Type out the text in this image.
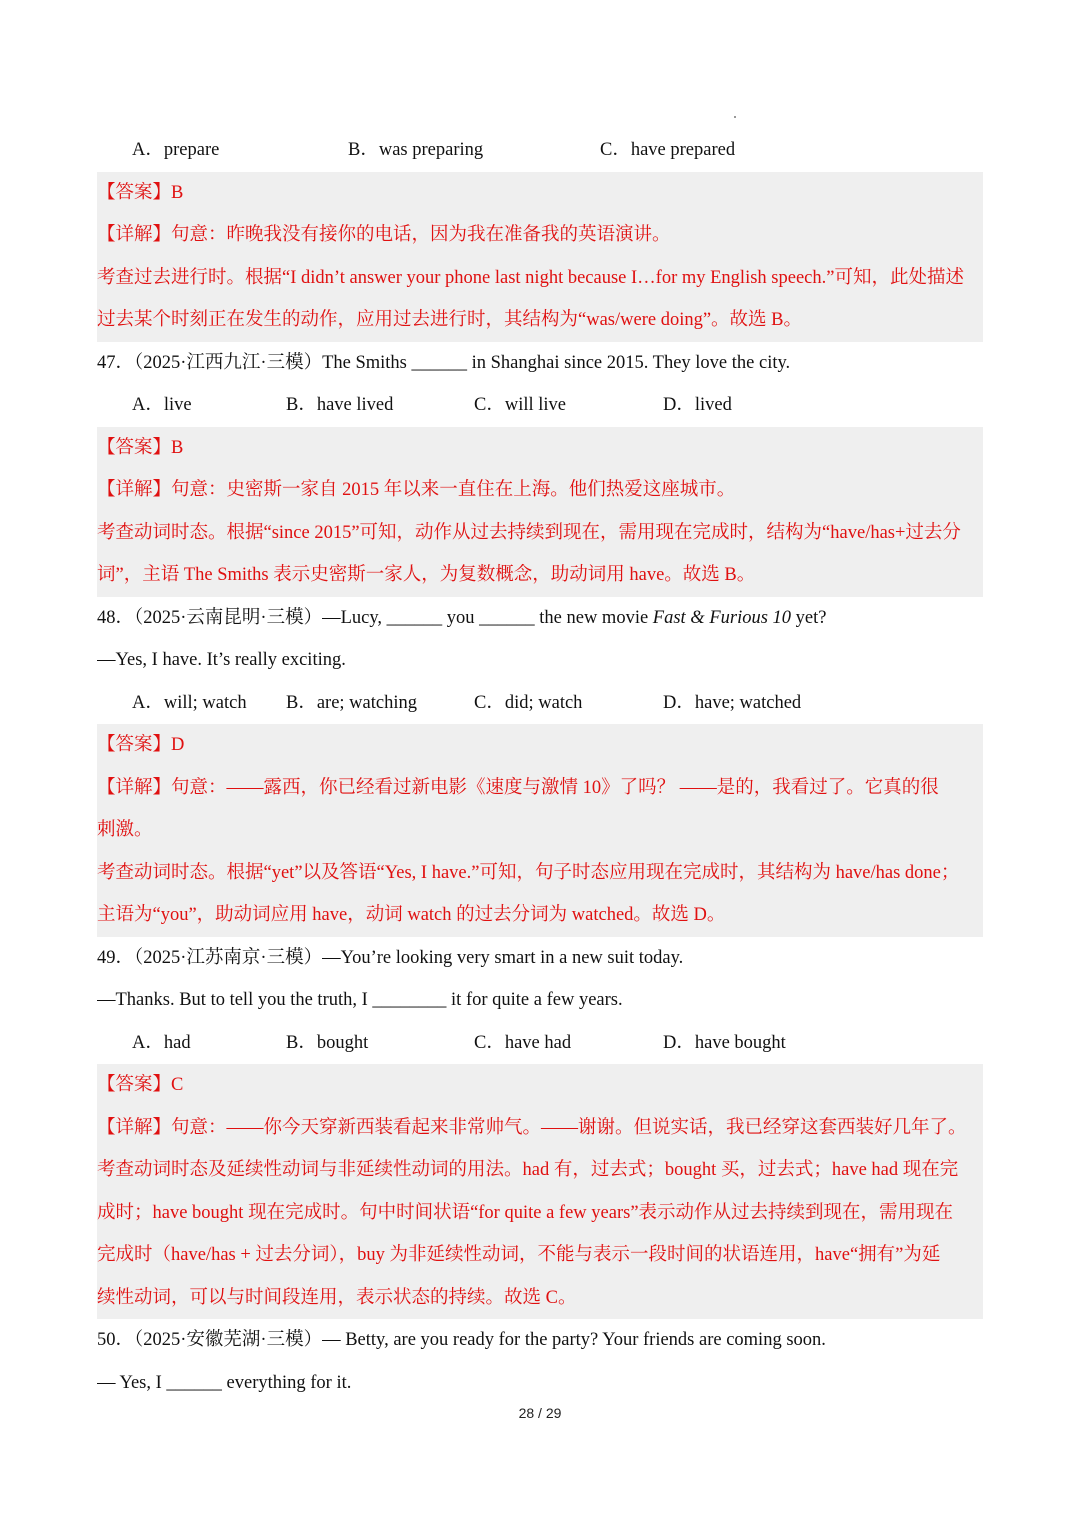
A．prepare	B．was preparing	C．have prepared
【答案】B
【详解】句意：昨晚我没有接你的电话，因为我在准备我的英语演讲。
考查过去进行时。根据“I didn’t answer your phone last night because I…for my English speech.”可知，此处描述
过去某个时刻正在发生的动作，应用过去进行时，其结构为“was/were doing”。故选 B。
47．（2025·江西九江·三模）The Smiths ______ in Shanghai since 2015. They love the city.
A．live	B．have lived	C．will live	D．lived
【答案】B
【详解】句意：史密斯一家自 2015 年以来一直住在上海。他们热爱这座城市。
考查动词时态。根据“since 2015”可知，动作从过去持续到现在，需用现在完成时，结构为“have/has+过去分
词”，主语 The Smiths 表示史密斯一家人，为复数概念，助动词用 have。故选 B。
48．（2025·云南昆明·三模）—Lucy, ______ you ______ the new movie Fast & Furious 10 yet?
—Yes, I have. It’s really exciting.
A．will; watch B．are; watching	C．did; watch	D．have; watched
【答案】D
【详解】句意：——露西，你已经看过新电影《速度与激情 10》了吗？ ——是的，我看过了。它真的很
刺激。
考查动词时态。根据“yet”以及答语“Yes, I have.”可知，句子时态应用现在完成时，其结构为 have/has done；
主语为“you”，助动词应用 have，动词 watch 的过去分词为 watched。故选 D。
49．（2025·江苏南京·三模）—You’re looking very smart in a new suit today.
—Thanks. But to tell you the truth, I ________ it for quite a few years.
A．had	B．bought	C．have had	D．have bought
【答案】C
【详解】句意：——你今天穿新西装看起来非常帅气。——谢谢。但说实话，我已经穿这套西装好几年了。
考查动词时态及延续性动词与非延续性动词的用法。had 有，过去式；bought 买，过去式；have had 现在完
成时；have bought 现在完成时。句中时间状语“for quite a few years”表示动作从过去持续到现在，需用现在
完成时（have/has + 过去分词），buy 为非延续性动词，不能与表示一段时间的状语连用，have“拥有”为延
续性动词，可以与时间段连用，表示状态的持续。故选 C。
50．（2025·安徽芜湖·三模）— Betty, are you ready for the party? Your friends are coming soon.
— Yes, I ______ everything for it.
28 / 29
